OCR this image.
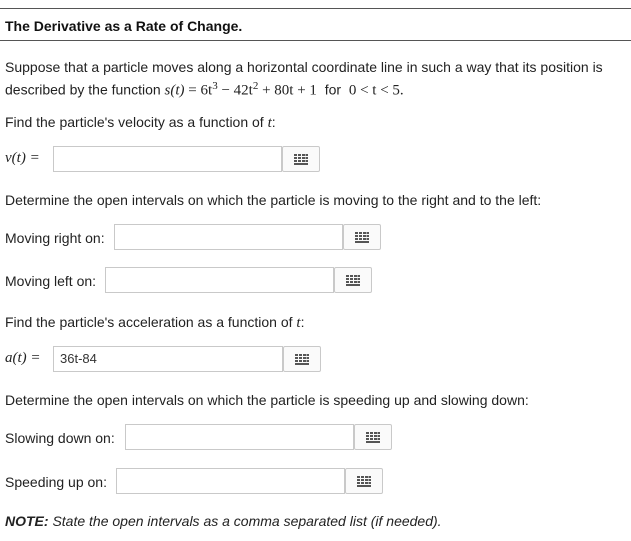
The Derivative as a Rate of Change.
Suppose that a particle moves along a horizontal coordinate line in such a way that its position is described by the function $s(t) = 6t^3 - 42t^2 + 80t + 1$  for  0 < t < 5.
Find the particle's velocity as a function of t:
v(t) =
Determine the open intervals on which the particle is moving to the right and to the left:
Moving right on:
Moving left on:
Find the particle's acceleration as a function of t:
a(t) =	36t-84
Determine the open intervals on which the particle is speeding up and slowing down:
Slowing down on:
Speeding up on:
NOTE: State the open intervals as a comma separated list (if needed).
